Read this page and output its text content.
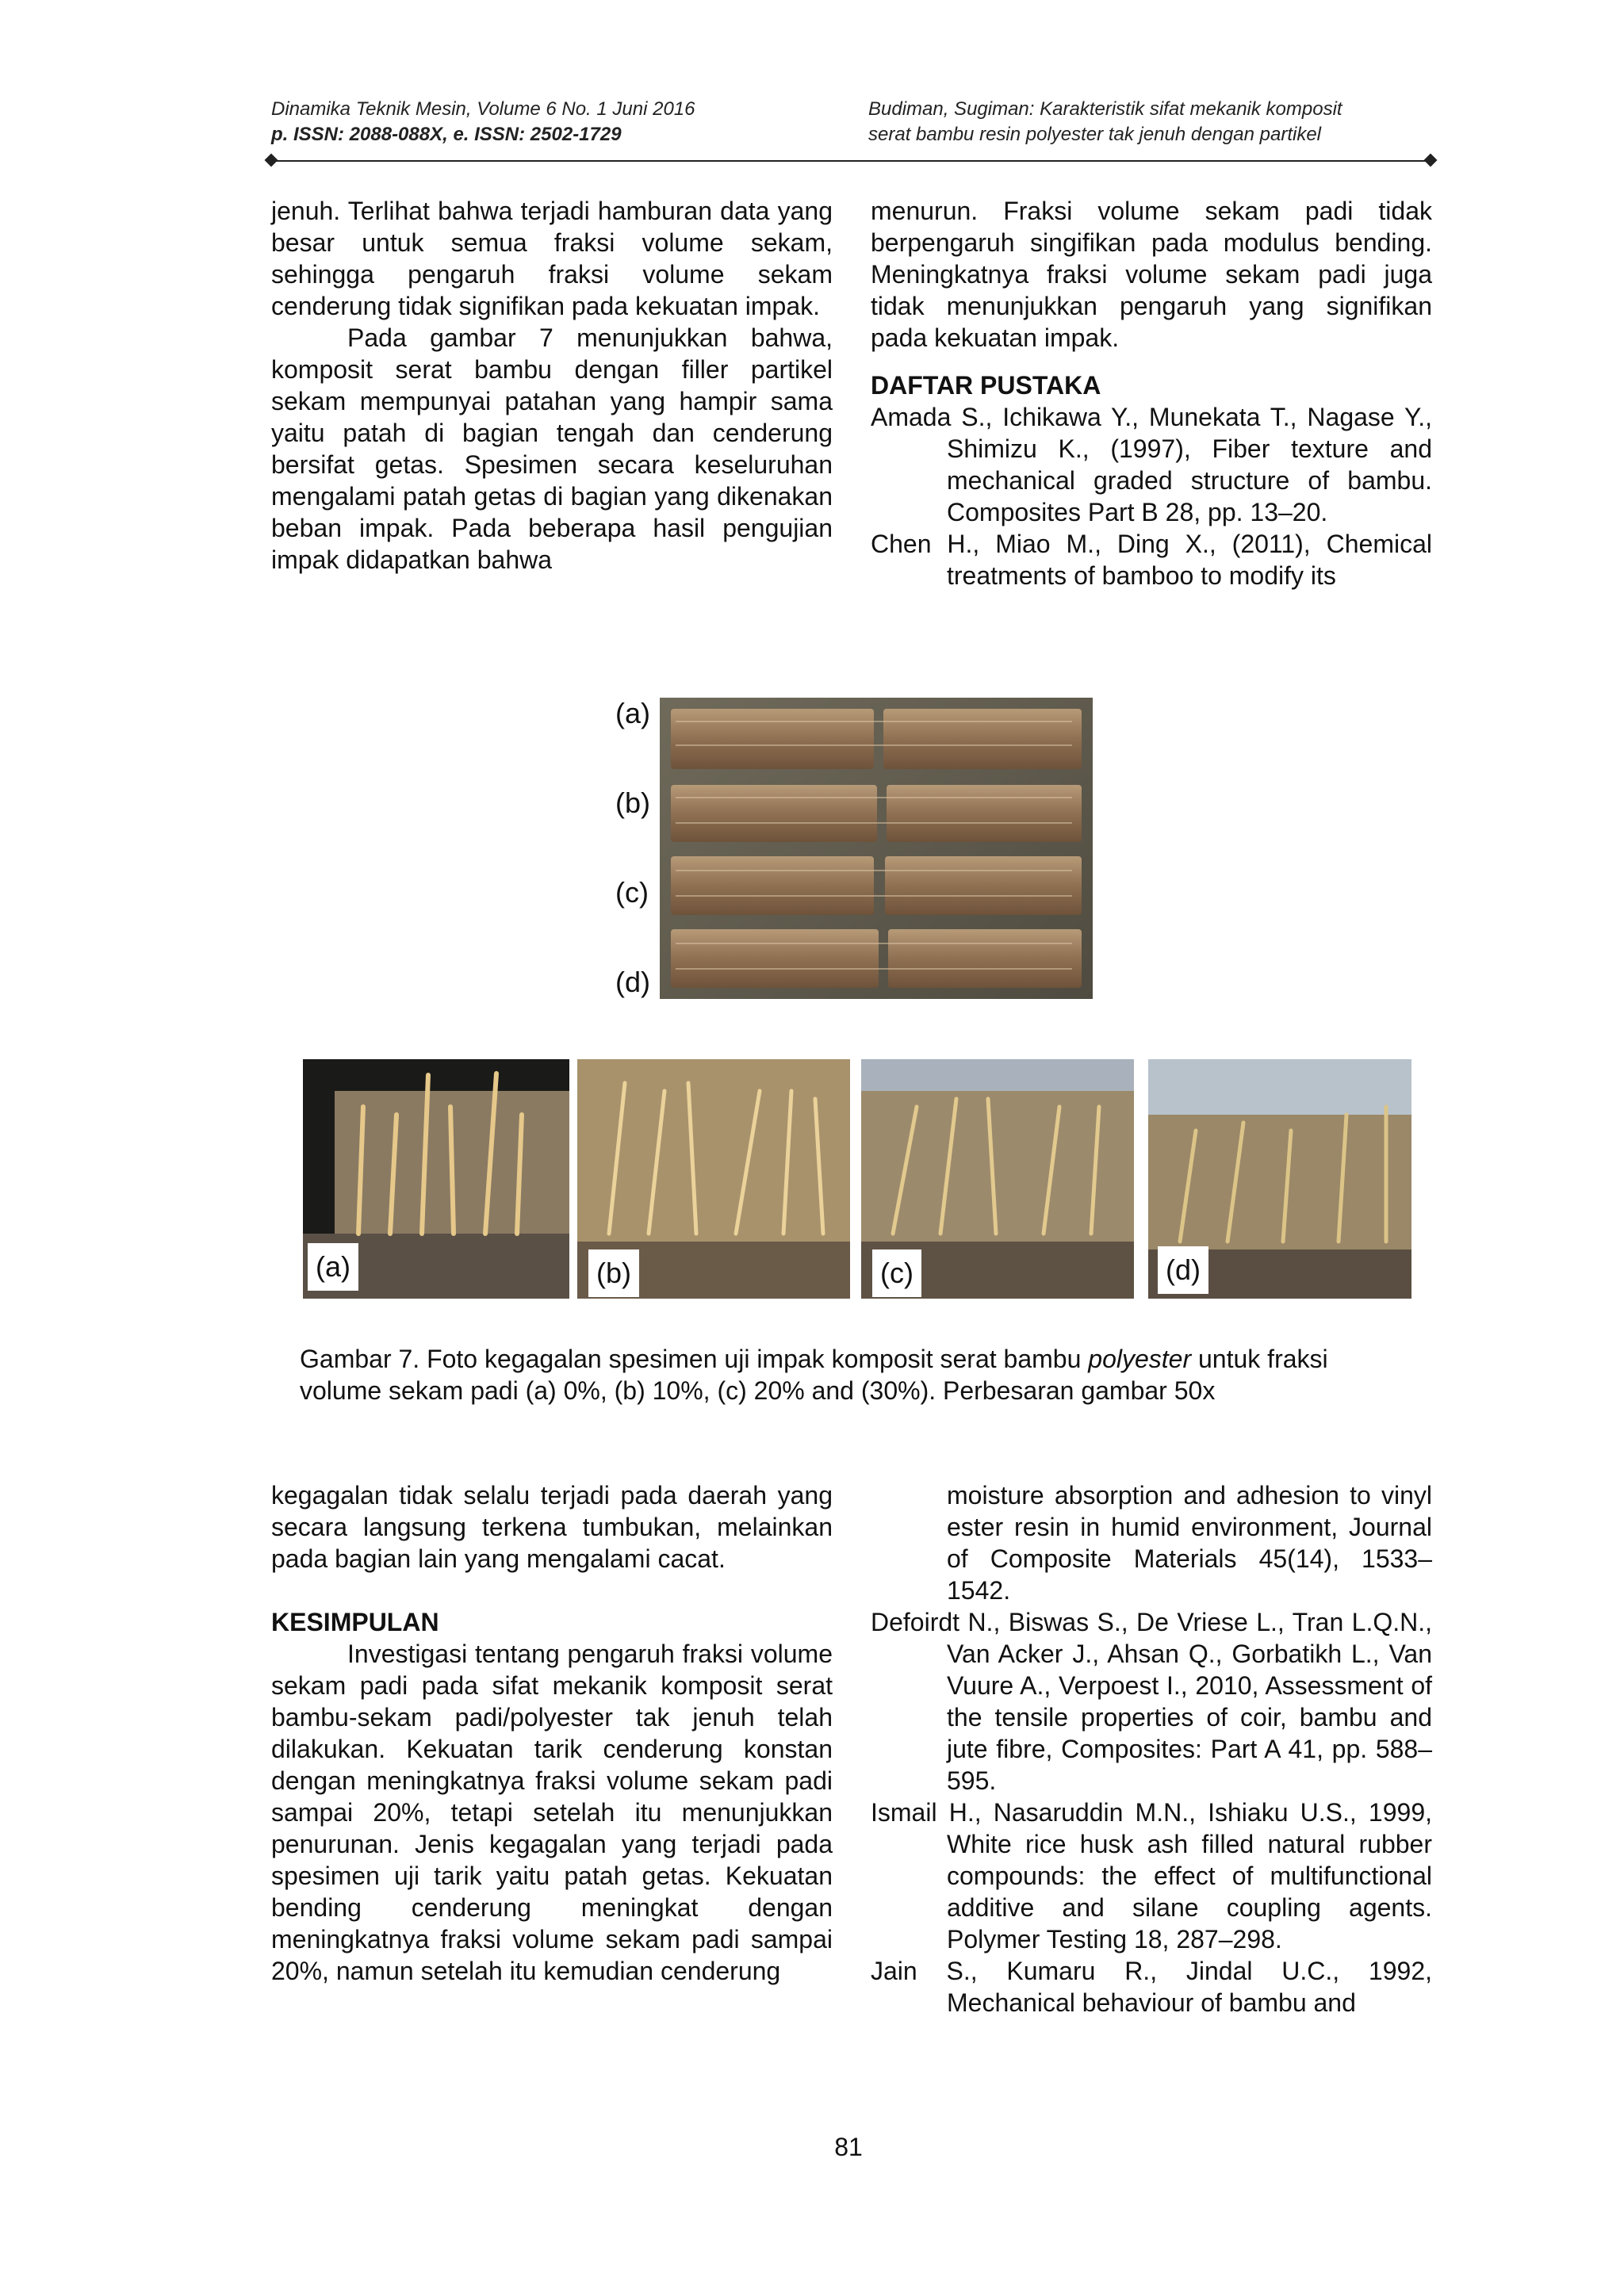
Dinamika Teknik Mesin, Volume 6 No. 1 Juni 2016
p. ISSN: 2088-088X, e. ISSN: 2502-1729
Budiman, Sugiman: Karakteristik sifat mekanik komposit
serat bambu resin polyester tak jenuh dengan partikel

jenuh. Terlihat bahwa terjadi hamburan data yang besar untuk semua fraksi volume sekam, sehingga pengaruh fraksi volume sekam cenderung tidak signifikan pada kekuatan impak.

Pada gambar 7 menunjukkan bahwa, komposit serat bambu dengan filler partikel sekam mempunyai patahan yang hampir sama yaitu patah di bagian tengah dan cenderung bersifat getas. Spesimen secara keseluruhan mengalami patah getas di bagian yang dikenakan beban impak. Pada beberapa hasil pengujian impak didapatkan bahwa

menurun. Fraksi volume sekam padi tidak berpengaruh singifikan pada modulus bending. Meningkatnya fraksi volume sekam padi juga tidak menunjukkan pengaruh yang signifikan pada kekuatan impak.

DAFTAR PUSTAKA

Amada S., Ichikawa Y., Munekata T., Nagase Y., Shimizu K., (1997), Fiber texture and mechanical graded structure of bambu. Composites Part B 28, pp. 13–20.

Chen H., Miao M., Ding X., (2011), Chemical treatments of bamboo to modify its

(a)
(b)
(c)
(d)
(a)	(b)	(c)	(d)
Gambar 7. Foto kegagalan spesimen uji impak komposit serat bambu polyester untuk fraksi volume sekam padi (a) 0%, (b) 10%, (c) 20% and (30%). Perbesaran gambar 50x

kegagalan tidak selalu terjadi pada daerah yang secara langsung terkena tumbukan, melainkan pada bagian lain yang mengalami cacat.

KESIMPULAN

Investigasi tentang pengaruh fraksi volume sekam padi pada sifat mekanik komposit serat bambu-sekam padi/polyester tak jenuh telah dilakukan. Kekuatan tarik cenderung konstan dengan meningkatnya fraksi volume sekam padi sampai 20%, tetapi setelah itu menunjukkan penurunan. Jenis kegagalan yang terjadi pada spesimen uji tarik yaitu patah getas. Kekuatan bending cenderung meningkat dengan meningkatnya fraksi volume sekam padi sampai 20%, namun setelah itu kemudian cenderung

moisture absorption and adhesion to vinyl ester resin in humid environment, Journal of Composite Materials 45(14), 1533–1542.

Defoirdt N., Biswas S., De Vriese L., Tran L.Q.N., Van Acker J., Ahsan Q., Gorbatikh L., Van Vuure A., Verpoest I., 2010, Assessment of the tensile properties of coir, bambu and jute fibre, Composites: Part A 41, pp. 588–595.

Ismail H., Nasaruddin M.N., Ishiaku U.S., 1999, White rice husk ash filled natural rubber compounds: the effect of multifunctional additive and silane coupling agents. Polymer Testing 18, 287–298.

Jain S., Kumaru R., Jindal U.C., 1992, Mechanical behaviour of bambu and

81
